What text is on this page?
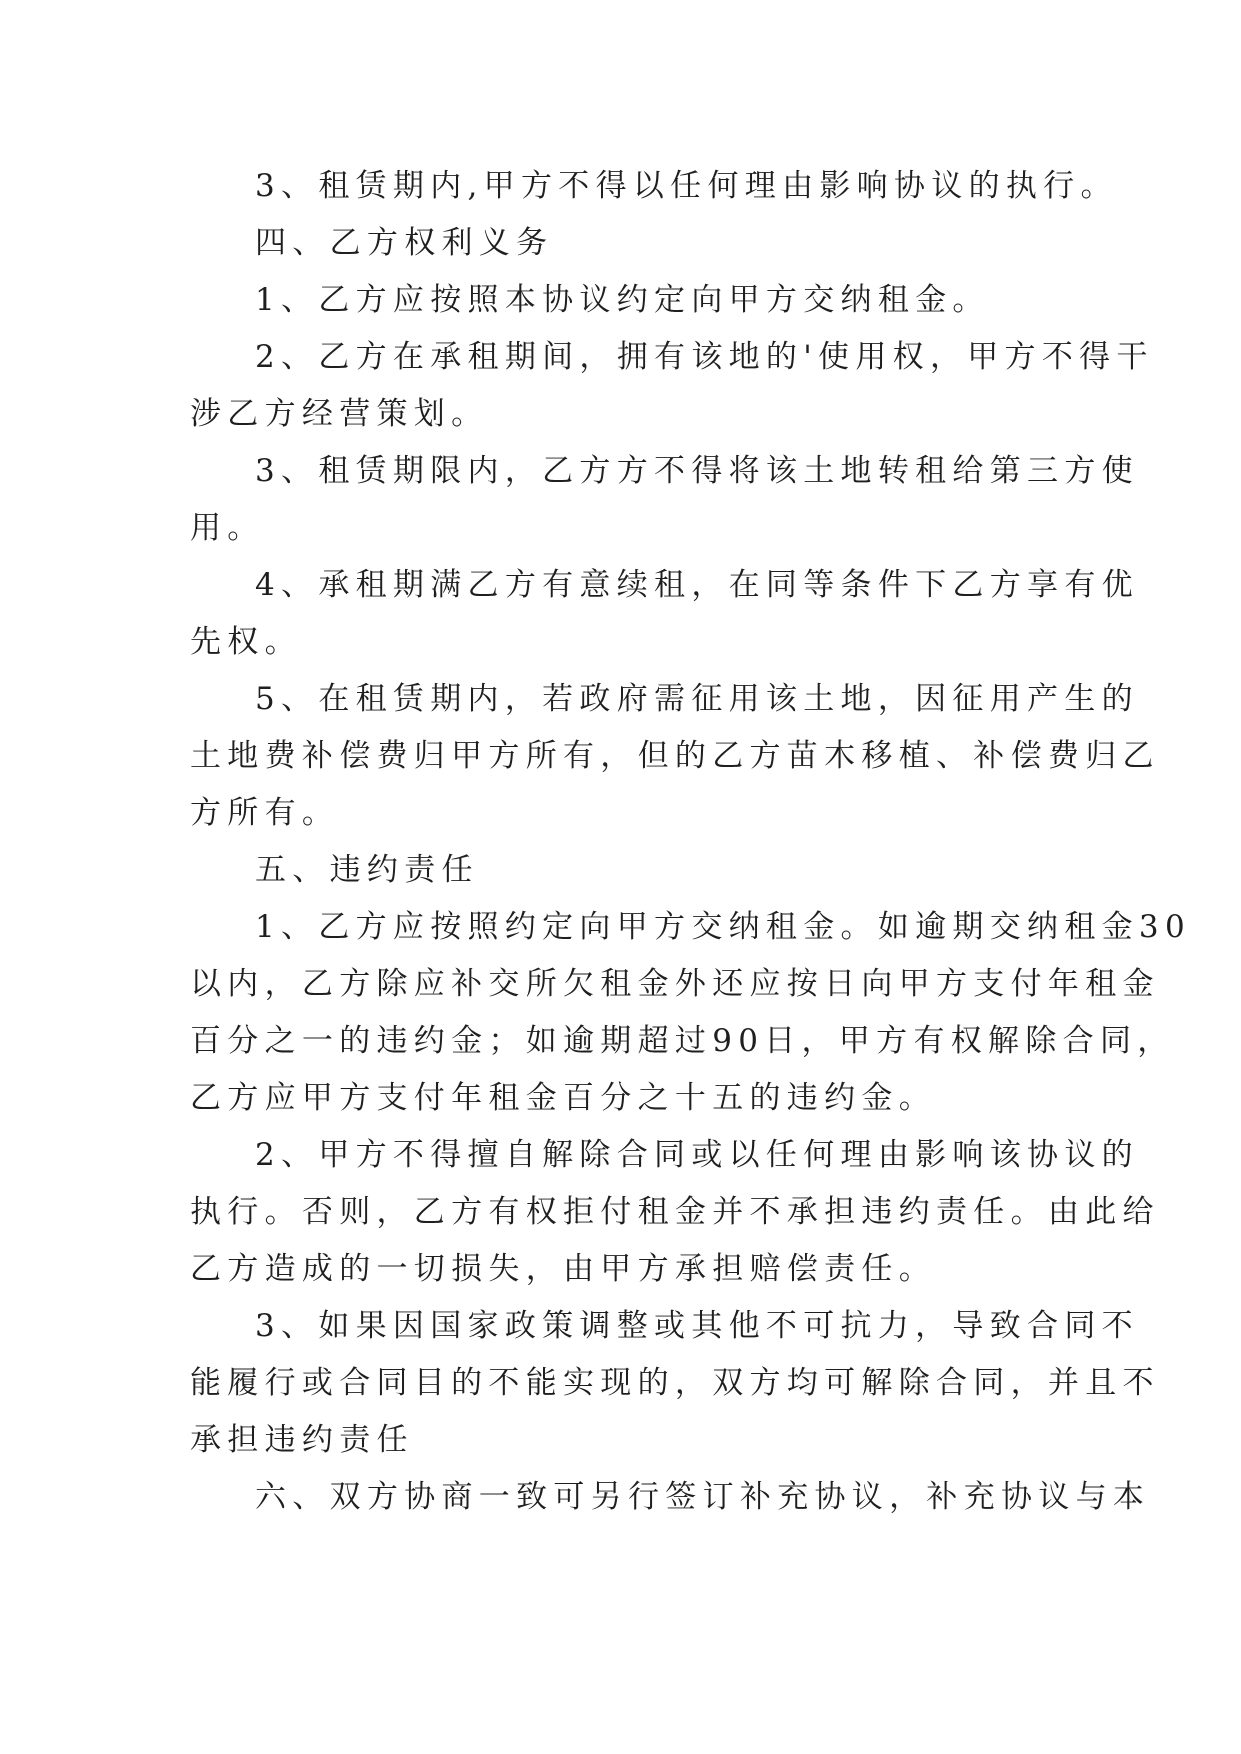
3、租赁期内,甲方不得以任何理由影响协议的执行。
四、乙方权利义务
1、乙方应按照本协议约定向甲方交纳租金。
2、乙方在承租期间，拥有该地的'使用权，甲方不得干
涉乙方经营策划。
3、租赁期限内，乙方方不得将该土地转租给第三方使
用。
4、承租期满乙方有意续租，在同等条件下乙方享有优
先权。
5、在租赁期内，若政府需征用该土地，因征用产生的
土地费补偿费归甲方所有，但的乙方苗木移植、补偿费归乙
方所有。
五、违约责任
1、乙方应按照约定向甲方交纳租金。如逾期交纳租金30
以内，乙方除应补交所欠租金外还应按日向甲方支付年租金
百分之一的违约金；如逾期超过90日，甲方有权解除合同，
乙方应甲方支付年租金百分之十五的违约金。
2、甲方不得擅自解除合同或以任何理由影响该协议的
执行。否则，乙方有权拒付租金并不承担违约责任。由此给
乙方造成的一切损失，由甲方承担赔偿责任。
3、如果因国家政策调整或其他不可抗力，导致合同不
能履行或合同目的不能实现的，双方均可解除合同，并且不
承担违约责任
六、双方协商一致可另行签订补充协议，补充协议与本
